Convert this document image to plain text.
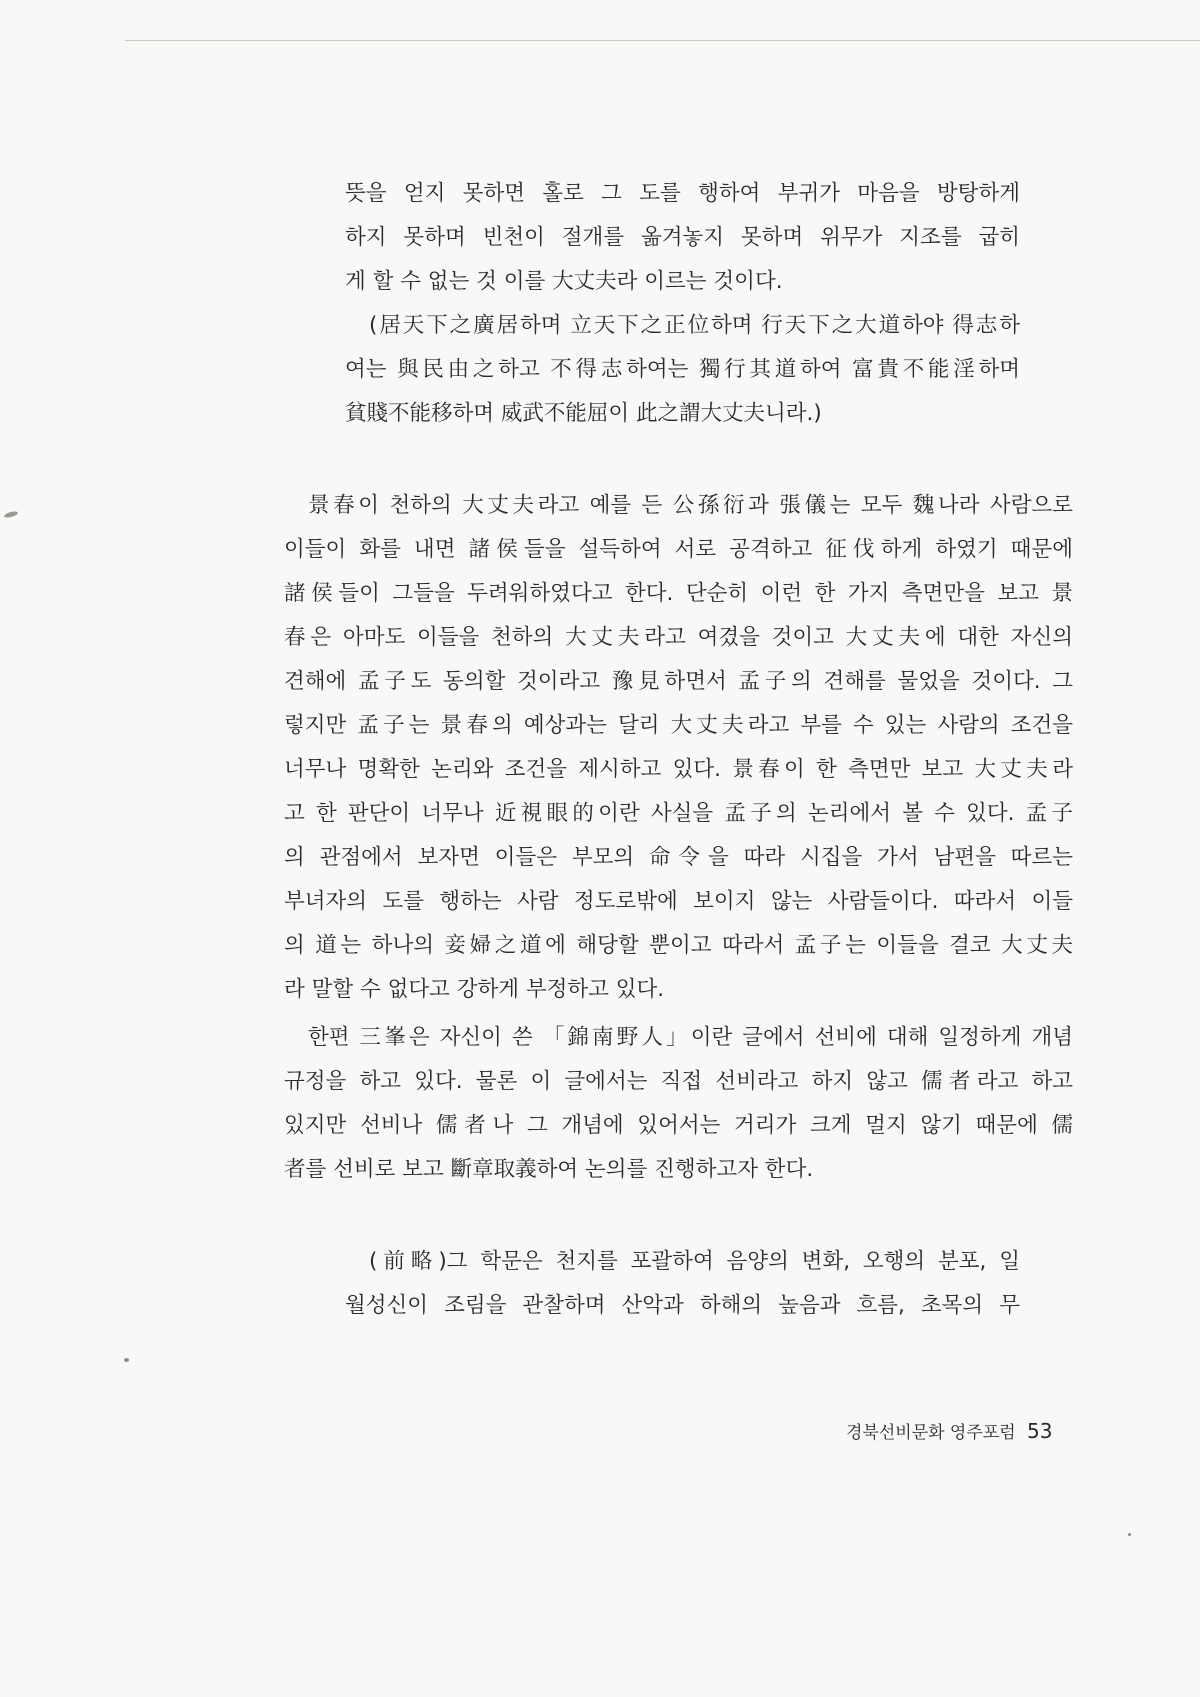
뜻을 얻지 못하면 홀로 그 도를 행하여 부귀가 마음을 방탕하게
하지 못하며 빈천이 절개를 옮겨놓지 못하며 위무가 지조를 굽히
게 할 수 없는 것 이를 大丈夫라 이르는 것이다.
(居天下之廣居하며 立天下之正位하며 行天下之大道하야 得志하
여는 與民由之하고 不得志하여는 獨行其道하여 富貴不能淫하며
貧賤不能移하며 威武不能屈이 此之謂大丈夫니라.)
景春이 천하의 大丈夫라고 예를 든 公孫衍과 張儀는 모두 魏나라 사람으로
이들이 화를 내면 諸侯들을 설득하여 서로 공격하고 征伐하게 하였기 때문에
諸侯들이 그들을 두려워하였다고 한다. 단순히 이런 한 가지 측면만을 보고 景
春은 아마도 이들을 천하의 大丈夫라고 여겼을 것이고 大丈夫에 대한 자신의
견해에 孟子도 동의할 것이라고 豫見하면서 孟子의 견해를 물었을 것이다. 그
렇지만 孟子는 景春의 예상과는 달리 大丈夫라고 부를 수 있는 사람의 조건을
너무나 명확한 논리와 조건을 제시하고 있다. 景春이 한 측면만 보고 大丈夫라
고 한 판단이 너무나 近視眼的이란 사실을 孟子의 논리에서 볼 수 있다. 孟子
의 관점에서 보자면 이들은 부모의 命令을 따라 시집을 가서 남편을 따르는
부녀자의 도를 행하는 사람 정도로밖에 보이지 않는 사람들이다. 따라서 이들
의 道는 하나의 妾婦之道에 해당할 뿐이고 따라서 孟子는 이들을 결코 大丈夫
라 말할 수 없다고 강하게 부정하고 있다.
한편 三峯은 자신이 쓴 「錦南野人」이란 글에서 선비에 대해 일정하게 개념
규정을 하고 있다. 물론 이 글에서는 직접 선비라고 하지 않고 儒者라고 하고
있지만 선비나 儒者나 그 개념에 있어서는 거리가 크게 멀지 않기 때문에 儒
者를 선비로 보고 斷章取義하여 논의를 진행하고자 한다.
(前略)그 학문은 천지를 포괄하여 음양의 변화, 오행의 분포, 일
월성신이 조림을 관찰하며 산악과 하해의 높음과 흐름, 초목의 무
경북선비문화 영주포럼 53
